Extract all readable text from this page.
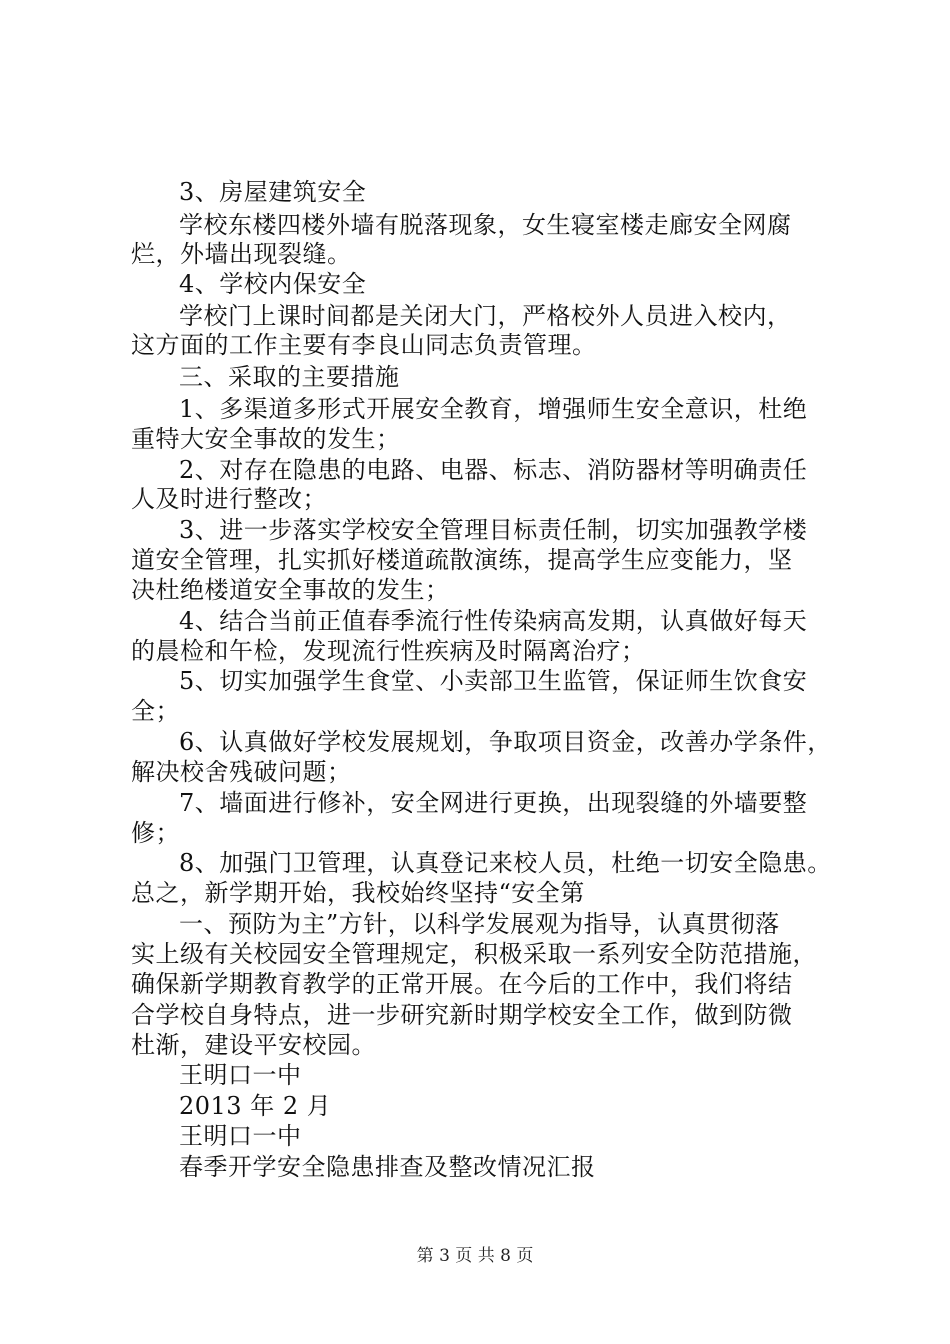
3、房屋建筑安全
学校东楼四楼外墙有脱落现象，女生寝室楼走廊安全网腐
烂，外墙出现裂缝。
4、学校内保安全
学校门上课时间都是关闭大门，严格校外人员进入校内，
这方面的工作主要有李良山同志负责管理。
三、采取的主要措施
1、多渠道多形式开展安全教育，增强师生安全意识，杜绝
重特大安全事故的发生；
2、对存在隐患的电路、电器、标志、消防器材等明确责任
人及时进行整改；
3、进一步落实学校安全管理目标责任制，切实加强教学楼
道安全管理，扎实抓好楼道疏散演练，提高学生应变能力，坚
决杜绝楼道安全事故的发生；
4、结合当前正值春季流行性传染病高发期，认真做好每天
的晨检和午检，发现流行性疾病及时隔离治疗；
5、切实加强学生食堂、小卖部卫生监管，保证师生饮食安
全；
6、认真做好学校发展规划，争取项目资金，改善办学条件，
解决校舍残破问题；
7、墙面进行修补，安全网进行更换，出现裂缝的外墙要整
修；
8、加强门卫管理，认真登记来校人员，杜绝一切安全隐患。
总之，新学期开始，我校始终坚持“安全第
一、预防为主”方针，以科学发展观为指导，认真贯彻落
实上级有关校园安全管理规定，积极采取一系列安全防范措施，
确保新学期教育教学的正常开展。在今后的工作中，我们将结
合学校自身特点，进一步研究新时期学校安全工作，做到防微
杜渐，建设平安校园。
王明口一中
2013 年 2 月
王明口一中
春季开学安全隐患排查及整改情况汇报
第 3 页 共 8 页
